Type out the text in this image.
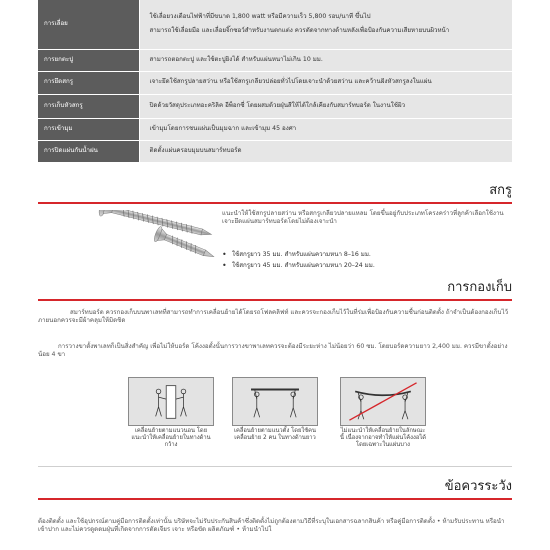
การเลื่อย	ใช้เลื่อยวงเดือนไฟฟ้าที่มีขนาด 1,800 watt หรือมีความเร็ว 5,800 รอบ/นาที ขึ้นไป

สามารถใช้เลื่อยมือ และเลื่อยจิ๊กซอว์สำหรับงานตกแต่ง ควรตัดจากทางด้านหลังเพื่อป้องกันความเสียหายบนผิวหน้า

การยกตะปู	สามารถตอกตะปู และใช้ตะปูยิงได้ สำหรับแผ่นหนาไม่เกิน 10 มม.
การยึดสกรู	เจาะยึดใช้สกรูปลายสว่าน หรือใช้สกรูเกลียวปล่อยทั่วไปโดยเจาะนำด้วยสว่าน และคว้านฝังหัวสกรูลงในแผ่น
การเก็บหัวสกรู	ปิดด้วยวัสดุประเภทอะคริลิค อีพ็อกซี่ โดยผสมด้วยฝุ่นสีให้ได้ใกล้เคียงกับสมาร์ทบอร์ด ในงานใช้ผิว
การเข้ามุม	เข้ามุมโดยการชนแผ่นเป็นมุมฉาก และเข้ามุม 45 องศา
การปิดแผ่นกันน้ำฝน	ติดตั้งแผ่นครอบมุมบนสมาร์ทบอร์ด
สกรู
แนะนำให้ใช้สกรูปลายสว่าน หรือสกรูเกลียวปลายแหลม โดยขึ้นอยู่กับประเภทโครงคร่าวที่ลูกค้าเลือกใช้งาน เจาะยึดแผ่นสมาร์ทบอร์ดโดยไม่ต้องเจาะนำ
• ใช้สกรูยาว 35 มม. สำหรับแผ่นความหนา 8–16 มม.
• ใช้สกรูยาว 45 มม. สำหรับแผ่นความหนา 20–24 มม.
การกองเก็บ
สมาร์ทบอร์ด ควรกองเก็บบนพาเลทที่สามารถทำการเคลื่อนย้ายได้โดยรถโฟลคลิฟท์ และควรจะกองเก็บไว้ในที่ร่มเพื่อป้องกันความชื้นก่อนติดตั้ง ถ้าจำเป็นต้องกองเก็บไว้ภายนอกควรจะมีผ้าคลุมให้มิดชิด
การวางขาตั้งพาเลทก็เป็นสิ่งสำคัญ เพื่อไม่ให้บอร์ด โค้งงอตั้งนั้นการวางขาพาเลทควรจะต้องมีระยะห่าง ไม่น้อยว่า 60 ซม. โดยบอร์ดความยาว 2,400 มม. ควรมีขาตั้งอย่างน้อย 4 ขา
เคลื่อนย้ายตามแนวนอน โดยแนะนำให้เคลื่อนย้ายในทางด้านกว้าง
เคลื่อนย้ายตามแนวตั้ง โดยใช้คนเคลื่อนย้าย 2 คน ในทางด้านยาว
ไม่แนะนำให้เคลื่อนย้ายในลักษณะนี้ เนื่องจากอาจทำให้แผ่นโค้งงอได้ โดยเฉพาะในแผ่นบาง
ข้อควรระวัง
ต้องติดตั้ง และใช้อุปกรณ์ตามคู่มือการติดตั้งเท่านั้น บริษัทจะไม่รับประกันสินค้าซึ่งติดตั้งไม่ถูกต้องตามวิธีที่ระบุในเอกสารฉลากสินค้า หรือคู่มือการติดตั้ง • ห้ามรับประทาน หรือนำเข้าปาก และไม่ควรดูดดมฝุ่นที่เกิดจากการตัดเจียร เจาะ หรือขัด ผลิตภัณฑ์ • ห้ามนำไปใ
